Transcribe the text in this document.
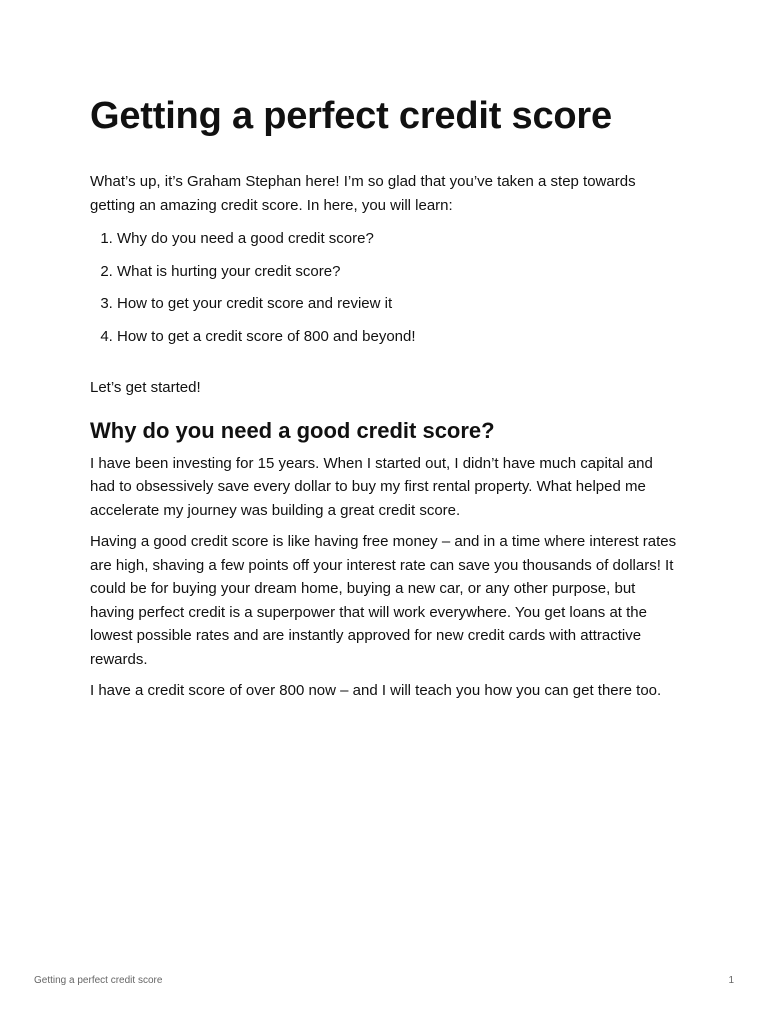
Getting a perfect credit score

What’s up, it’s Graham Stephan here! I’m so glad that you’ve taken a step towards getting an amazing credit score. In here, you will learn:

1. Why do you need a good credit score?
2. What is hurting your credit score?
3. How to get your credit score and review it
4. How to get a credit score of 800 and beyond!

Let’s get started!

Why do you need a good credit score?

I have been investing for 15 years. When I started out, I didn’t have much capital and had to obsessively save every dollar to buy my first rental property. What helped me accelerate my journey was building a great credit score.

Having a good credit score is like having free money – and in a time where interest rates are high, shaving a few points off your interest rate can save you thousands of dollars! It could be for buying your dream home, buying a new car, or any other purpose, but having perfect credit is a superpower that will work everywhere. You get loans at the lowest possible rates and are instantly approved for new credit cards with attractive rewards.

I have a credit score of over 800 now – and I will teach you how you can get there too.

Getting a perfect credit score	1
